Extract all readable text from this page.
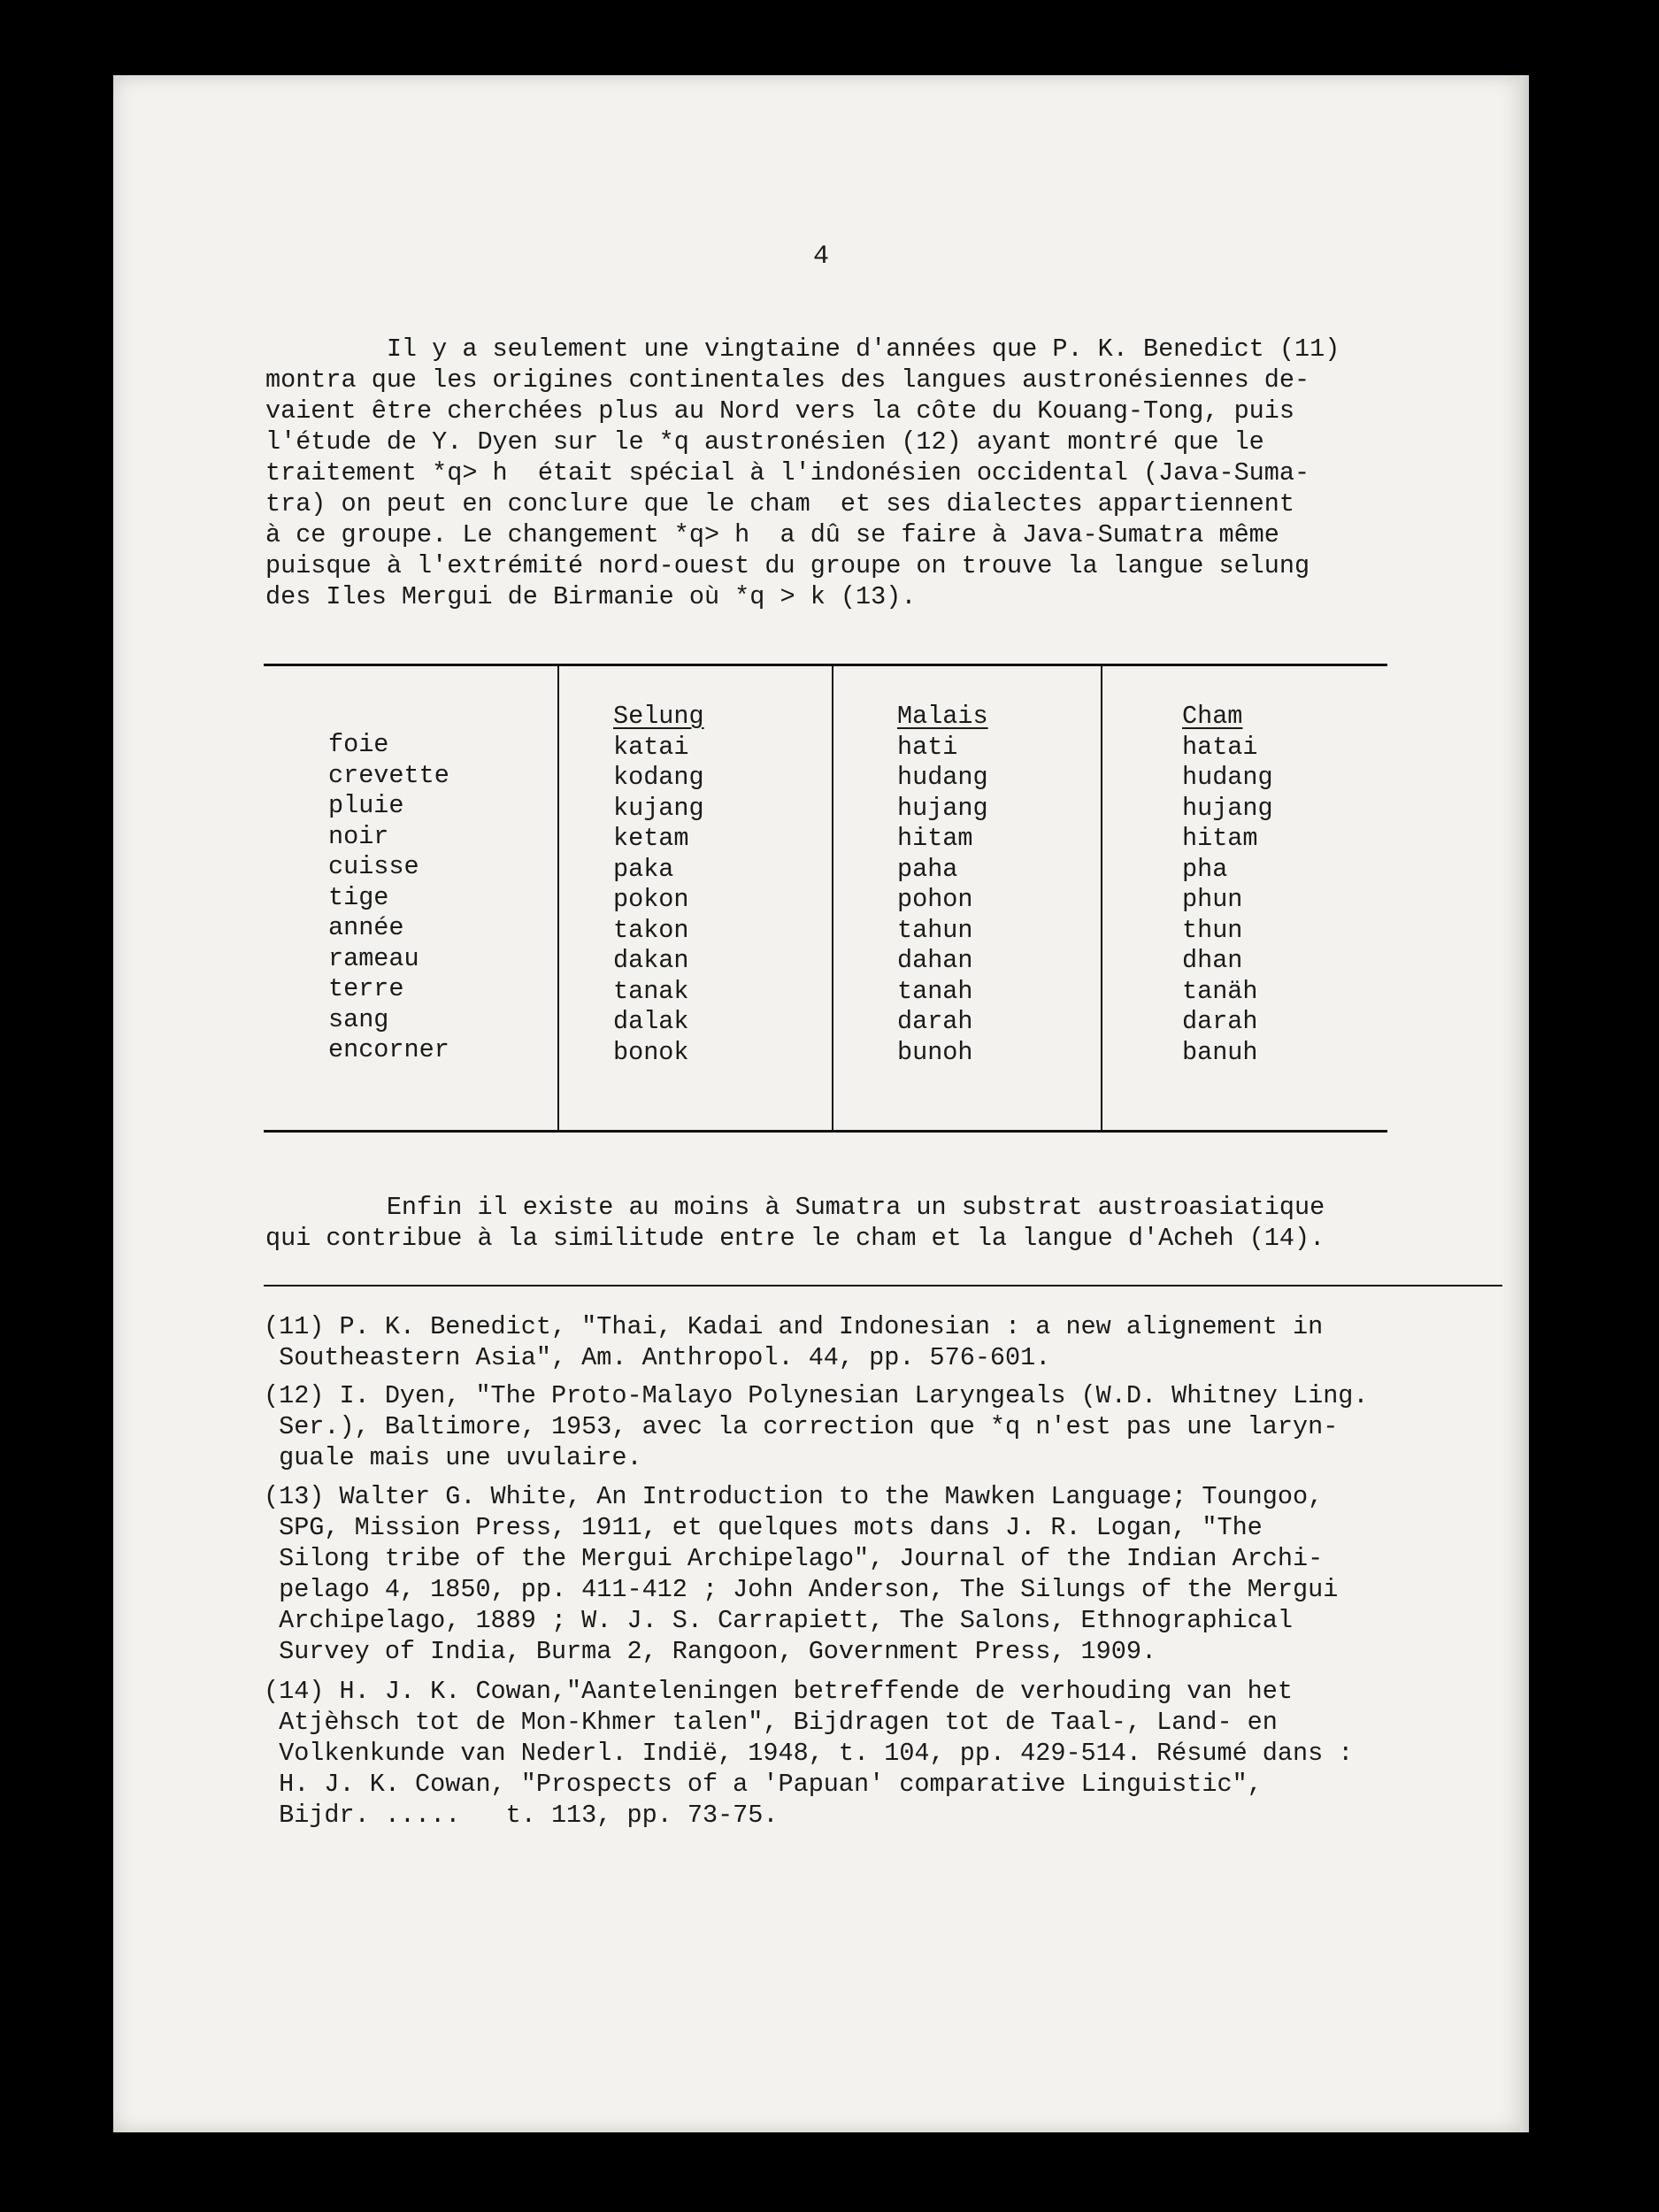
4

Il y a seulement une vingtaine d'années que P. K. Benedict (11)

montra que les origines continentales des langues austronésiennes de-

vaient être cherchées plus au Nord vers la côte du Kouang-Tong, puis

l'étude de Y. Dyen sur le *q austronésien (12) ayant montré que le

traitement *q> h  était spécial à l'indonésien occidental (Java-Suma-

tra) on peut en conclure que le cham  et ses dialectes appartiennent

à ce groupe. Le changement *q> h  a dû se faire à Java-Sumatra même

puisque à l'extrémité nord-ouest du groupe on trouve la langue selung

des Iles Mergui de Birmanie où *q > k (13).

foie
crevette
pluie
noir
cuisse
tige
année
rameau
terre
sang
encorner
Selung
katai
kodang
kujang
ketam
paka
pokon
takon
dakan
tanak
dalak
bonok
Malais
hati
hudang
hujang
hitam
paha
pohon
tahun
dahan
tanah
darah
bunoh
Cham
hatai
hudang
hujang
hitam
pha
phun
thun
dhan
tanäh
darah
banuh

Enfin il existe au moins à Sumatra un substrat austroasiatique

qui contribue à la similitude entre le cham et la langue d'Acheh (14).

(11) P. K. Benedict, "Thai, Kadai and Indonesian : a new alignement in

Southeastern Asia", Am. Anthropol. 44, pp. 576-601.

(12) I. Dyen, "The Proto-Malayo Polynesian Laryngeals (W.D. Whitney Ling.

Ser.), Baltimore, 1953, avec la correction que *q n'est pas une laryn-

guale mais une uvulaire.

(13) Walter G. White, An Introduction to the Mawken Language; Toungoo,

SPG, Mission Press, 1911, et quelques mots dans J. R. Logan, "The

Silong tribe of the Mergui Archipelago", Journal of the Indian Archi-

pelago 4, 1850, pp. 411-412 ; John Anderson, The Silungs of the Mergui

Archipelago, 1889 ; W. J. S. Carrapiett, The Salons, Ethnographical

Survey of India, Burma 2, Rangoon, Government Press, 1909.

(14) H. J. K. Cowan,"Aanteleningen betreffende de verhouding van het

Atjèhsch tot de Mon-Khmer talen", Bijdragen tot de Taal-, Land- en

Volkenkunde van Nederl. Indië, 1948, t. 104, pp. 429-514. Résumé dans :

H. J. K. Cowan, "Prospects of a 'Papuan' comparative Linguistic",

Bijdr. .....   t. 113, pp. 73-75.
